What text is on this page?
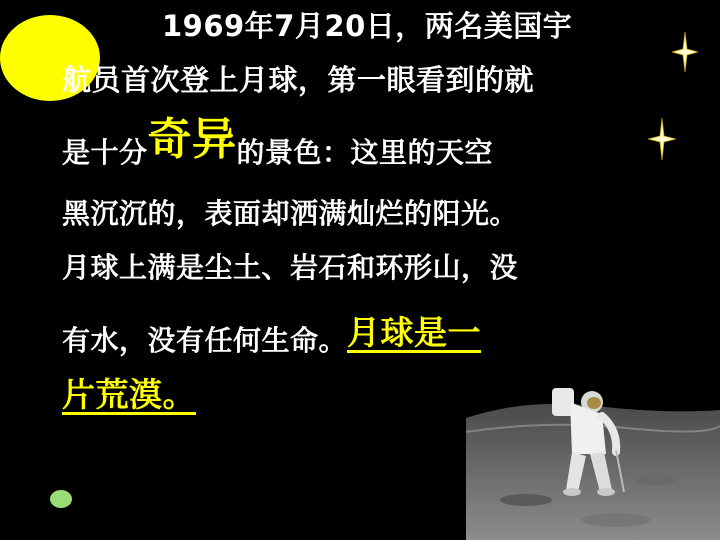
1969年7月20日，两名美国宇
航员首次登上月球，第一眼看到的就
是十分奇异的景色：这里的天空
黑沉沉的，表面却洒满灿烂的阳光。
月球上满是尘土、岩石和环形山，没
有水，没有任何生命。月球是一
片荒漠。
